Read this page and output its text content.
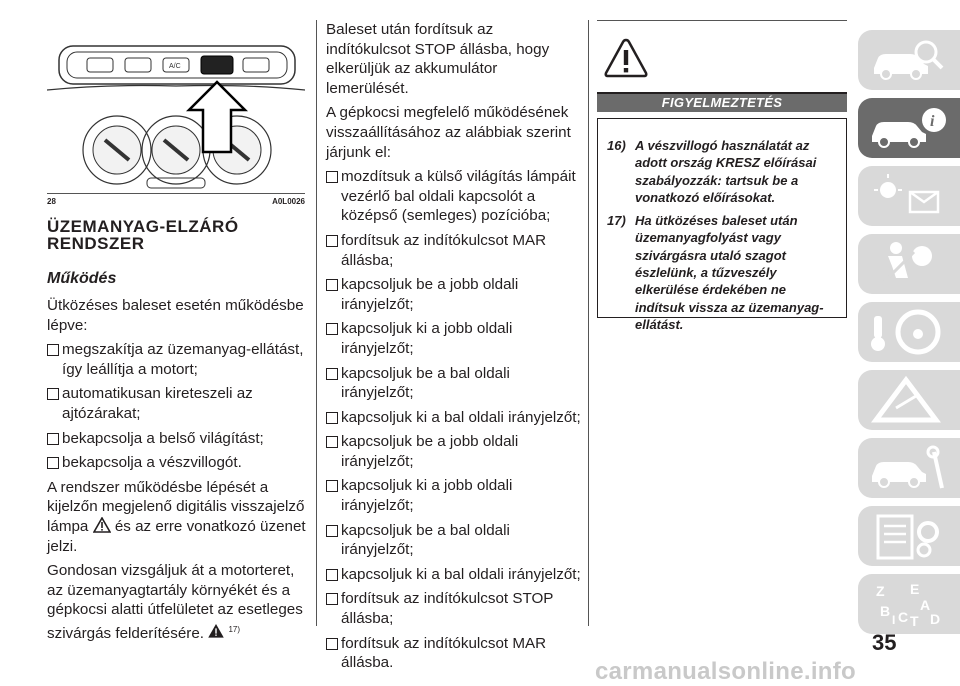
A/C
28	A0L0026
ÜZEMANYAG-ELZÁRÓ RENDSZER
Működés

Ütközéses baleset esetén működésbe lépve:

megszakítja az üzemanyag-ellátást, így leállítja a motort;
automatikusan kireteszeli az ajtózárakat;
bekapcsolja a belső világítást;
bekapcsolja a vészvillogót.

A rendszer működésbe lépését a kijelzőn megjelenő digitális visszajelző lámpa és az erre vonatkozó üzenet jelzi.

Gondosan vizsgáljuk át a motorteret, az üzemanyagtartály környékét és a gépkocsi alatti útfelületet az esetleges szivárgás felderítésére.	$^{17)}$

Baleset után fordítsuk az indítókulcsot STOP állásba, hogy elkerüljük az akkumulátor lemerülését.

A gépkocsi megfelelő működésének visszaállításához az alábbiak szerint járjunk el:

mozdítsuk a külső világítás lámpáit vezérlő bal oldali kapcsolót a középső (semleges) pozícióba;
fordítsuk az indítókulcsot MAR állásba;
kapcsoljuk be a jobb oldali irányjelzőt;
kapcsoljuk ki a jobb oldali irányjelzőt;
kapcsoljuk be a bal oldali irányjelzőt;
kapcsoljuk ki a bal oldali irányjelzőt;
kapcsoljuk be a jobb oldali irányjelzőt;
kapcsoljuk ki a jobb oldali irányjelzőt;
kapcsoljuk be a bal oldali irányjelzőt;
kapcsoljuk ki a bal oldali irányjelzőt;
fordítsuk az indítókulcsot STOP állásba;
fordítsuk az indítókulcsot MAR állásba.
FIGYELMEZTETÉS
16) A vészvillogó használatát az adott ország KRESZ előírásai szabályozzák: tartsuk be a vonatkozó előírásokat.
17) Ha ütközéses baleset után üzemanyagfolyást vagy szivárgásra utaló szagot észlelünk, a tűzveszély elkerülése érdekében ne indítsuk vissza az üzemanyag-ellátást.
i
Z
B C
E
A
I T D
35
carmanualsonline.info
